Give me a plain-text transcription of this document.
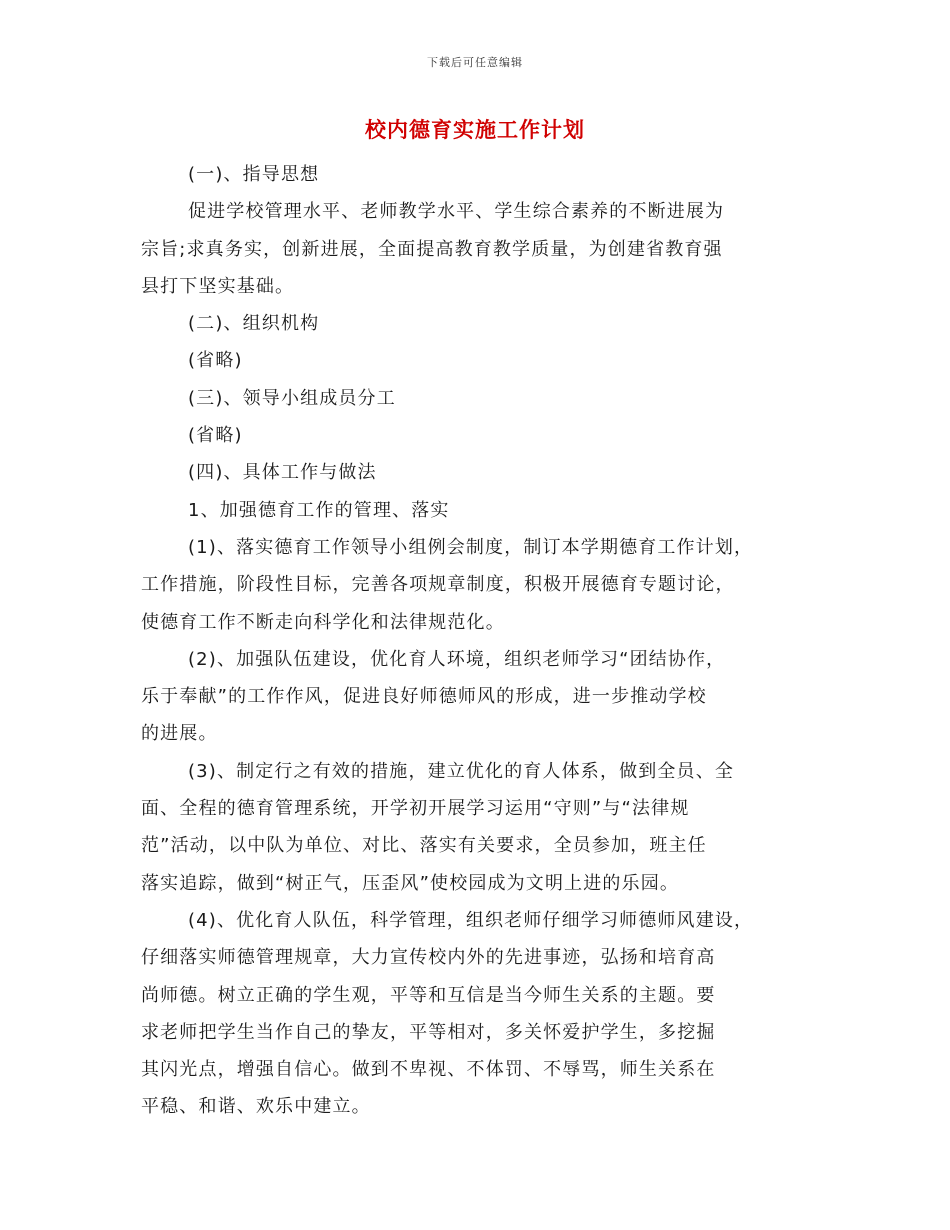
下载后可任意编辑
校内德育实施工作计划
(一)、指导思想
促进学校管理水平、老师教学水平、学生综合素养的不断进展为
宗旨;求真务实，创新进展，全面提高教育教学质量，为创建省教育强
县打下坚实基础。
(二)、组织机构
(省略)
(三)、领导小组成员分工
(省略)
(四)、具体工作与做法
1、加强德育工作的管理、落实
(1)、落实德育工作领导小组例会制度，制订本学期德育工作计划，
工作措施，阶段性目标，完善各项规章制度，积极开展德育专题讨论，
使德育工作不断走向科学化和法律规范化。
(2)、加强队伍建设，优化育人环境，组织老师学习“团结协作，
乐于奉献”的工作作风，促进良好师德师风的形成，进一步推动学校
的进展。
(3)、制定行之有效的措施，建立优化的育人体系，做到全员、全
面、全程的德育管理系统，开学初开展学习运用“守则”与“法律规
范”活动，以中队为单位、对比、落实有关要求，全员参加，班主任
落实追踪，做到“树正气，压歪风”使校园成为文明上进的乐园。
(4)、优化育人队伍，科学管理，组织老师仔细学习师德师风建设，
仔细落实师德管理规章，大力宣传校内外的先进事迹，弘扬和培育高
尚师德。树立正确的学生观，平等和互信是当今师生关系的主题。要
求老师把学生当作自己的挚友，平等相对，多关怀爱护学生，多挖掘
其闪光点，增强自信心。做到不卑视、不体罚、不辱骂，师生关系在
平稳、和谐、欢乐中建立。
